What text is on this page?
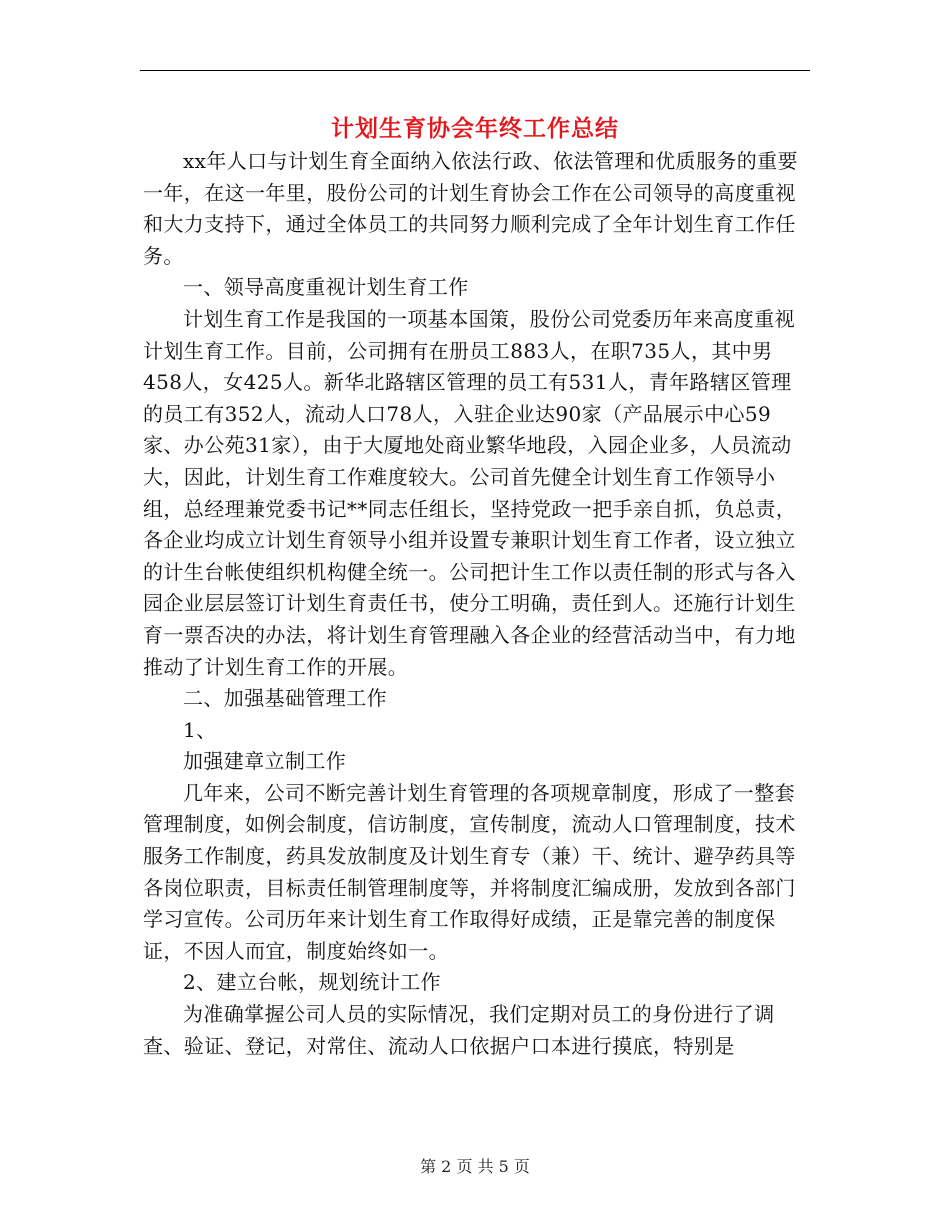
计划生育协会年终工作总结

xx年人口与计划生育全面纳入依法行政、依法管理和优质服务的重要一年，在这一年里，股份公司的计划生育协会工作在公司领导的高度重视和大力支持下，通过全体员工的共同努力顺利完成了全年计划生育工作任务。

一、领导高度重视计划生育工作

计划生育工作是我国的一项基本国策，股份公司党委历年来高度重视计划生育工作。目前，公司拥有在册员工883人，在职735人，其中男458人，女425人。新华北路辖区管理的员工有531人，青年路辖区管理的员工有352人，流动人口78人，入驻企业达90家（产品展示中心59家、办公苑31家），由于大厦地处商业繁华地段，入园企业多，人员流动大，因此，计划生育工作难度较大。公司首先健全计划生育工作领导小组，总经理兼党委书记**同志任组长，坚持党政一把手亲自抓，负总责，各企业均成立计划生育领导小组并设置专兼职计划生育工作者，设立独立的计生台帐使组织机构健全统一。公司把计生工作以责任制的形式与各入园企业层层签订计划生育责任书，使分工明确，责任到人。还施行计划生育一票否决的办法，将计划生育管理融入各企业的经营活动当中，有力地推动了计划生育工作的开展。

二、加强基础管理工作

1、

加强建章立制工作

几年来，公司不断完善计划生育管理的各项规章制度，形成了一整套管理制度，如例会制度，信访制度，宣传制度，流动人口管理制度，技术服务工作制度，药具发放制度及计划生育专（兼）干、统计、避孕药具等各岗位职责，目标责任制管理制度等，并将制度汇编成册，发放到各部门学习宣传。公司历年来计划生育工作取得好成绩，正是靠完善的制度保证，不因人而宜，制度始终如一。

2、建立台帐，规划统计工作

为准确掌握公司人员的实际情况，我们定期对员工的身份进行了调查、验证、登记，对常住、流动人口依据户口本进行摸底，特别是

第 2 页 共 5 页
